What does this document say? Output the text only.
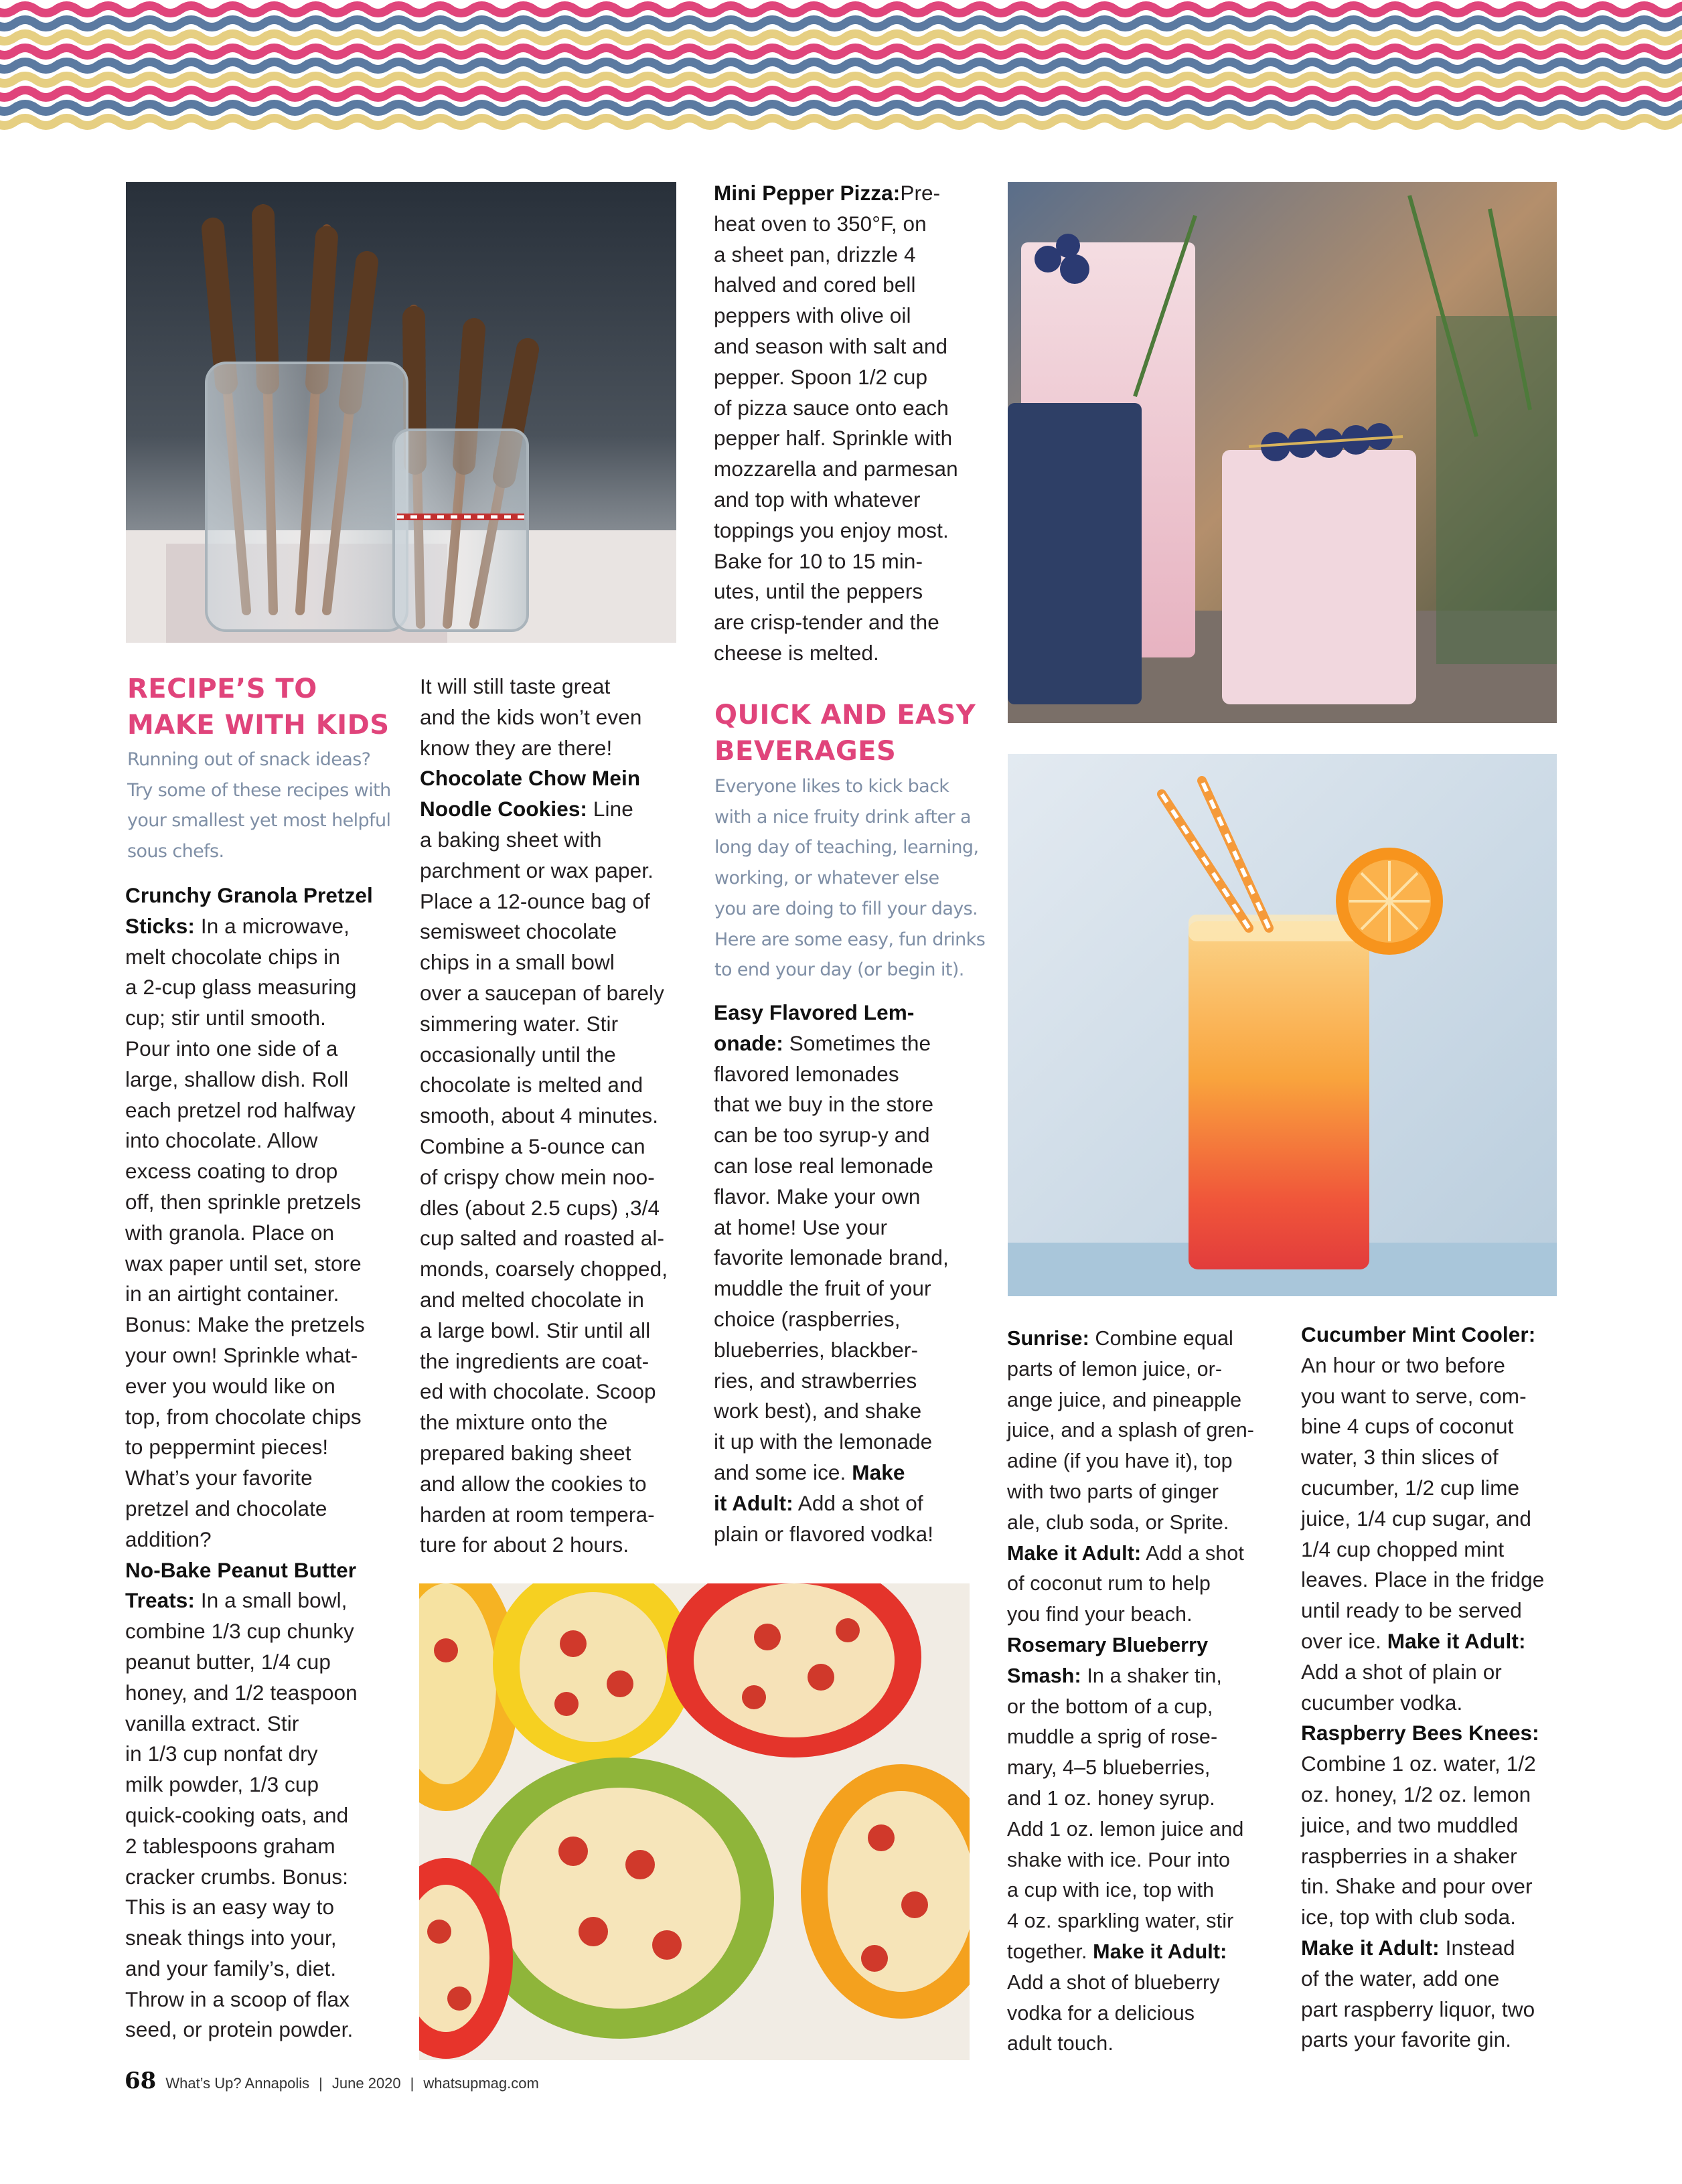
RECIPE’S TO
MAKE WITH KIDS

Running out of snack ideas?
Try some of these recipes with
your smallest yet most helpful
sous chefs.

Crunchy Granola Pretzel
Sticks: In a microwave,
melt chocolate chips in
a 2-cup glass measuring
cup; stir until smooth.
Pour into one side of a
large, shallow dish. Roll
each pretzel rod halfway
into chocolate. Allow
excess coating to drop
off, then sprinkle pretzels
with granola. Place on
wax paper until set, store
in an airtight container.
Bonus: Make the pretzels
your own! Sprinkle what-
ever you would like on
top, from chocolate chips
to peppermint pieces!
What’s your favorite
pretzel and chocolate
addition?
No-Bake Peanut Butter
Treats: In a small bowl,
combine 1/3 cup chunky
peanut butter, 1/4 cup
honey, and 1/2 teaspoon
vanilla extract. Stir
in 1/3 cup nonfat dry
milk powder, 1/3 cup
quick-cooking oats, and
2 tablespoons graham
cracker crumbs. Bonus:
This is an easy way to
sneak things into your,
and your family’s, diet.
Throw in a scoop of flax
seed, or protein powder.
It will still taste great
and the kids won’t even
know they are there!
Chocolate Chow Mein
Noodle Cookies: Line
a baking sheet with
parchment or wax paper.
Place a 12-ounce bag of
semisweet chocolate
chips in a small bowl
over a saucepan of barely
simmering water. Stir
occasionally until the
chocolate is melted and
smooth, about 4 minutes.
Combine a 5-ounce can
of crispy chow mein noo-
dles (about 2.5 cups) ,3/4
cup salted and roasted al-
monds, coarsely chopped,
and melted chocolate in
a large bowl. Stir until all
the ingredients are coat-
ed with chocolate. Scoop
the mixture onto the
prepared baking sheet
and allow the cookies to
harden at room tempera-
ture for about 2 hours.
Mini Pepper Pizza:Pre-
heat oven to 350°F, on
a sheet pan, drizzle 4
halved and cored bell
peppers with olive oil
and season with salt and
pepper. Spoon 1/2 cup
of pizza sauce onto each
pepper half. Sprinkle with
mozzarella and parmesan
and top with whatever
toppings you enjoy most.
Bake for 10 to 15 min-
utes, until the peppers
are crisp-tender and the
cheese is melted.
QUICK AND EASY
BEVERAGES

Everyone likes to kick back
with a nice fruity drink after a
long day of teaching, learning,
working, or whatever else
you are doing to fill your days.
Here are some easy, fun drinks
to end your day (or begin it).

Easy Flavored Lem-
onade: Sometimes the
flavored lemonades
that we buy in the store
can be too syrup-y and
can lose real lemonade
flavor. Make your own
at home! Use your
favorite lemonade brand,
muddle the fruit of your
choice (raspberries,
blueberries, blackber-
ries, and strawberries
work best), and shake
it up with the lemonade
and some ice. Make
it Adult: Add a shot of
plain or flavored vodka!
Sunrise: Combine equal
parts of lemon juice, or-
ange juice, and pineapple
juice, and a splash of gren-
adine (if you have it), top
with two parts of ginger
ale, club soda, or Sprite.
Make it Adult: Add a shot
of coconut rum to help
you find your beach.
Rosemary Blueberry
Smash: In a shaker tin,
or the bottom of a cup,
muddle a sprig of rose-
mary, 4–5 blueberries,
and 1 oz. honey syrup.
Add 1 oz. lemon juice and
shake with ice. Pour into
a cup with ice, top with
4 oz. sparkling water, stir
together. Make it Adult:
Add a shot of blueberry
vodka for a delicious
adult touch.
Cucumber Mint Cooler:
An hour or two before
you want to serve, com-
bine 4 cups of coconut
water, 3 thin slices of
cucumber, 1/2 cup lime
juice, 1/4 cup sugar, and
1/4 cup chopped mint
leaves. Place in the fridge
until ready to be served
over ice. Make it Adult:
Add a shot of plain or
cucumber vodka.
Raspberry Bees Knees:
Combine 1 oz. water, 1/2
oz. honey, 1/2 oz. lemon
juice, and two muddled
raspberries in a shaker
tin. Shake and pour over
ice, top with club soda.
Make it Adult: Instead
of the water, add one
part raspberry liquor, two
parts your favorite gin.
68 What’s Up? Annapolis | June 2020 | whatsupmag.com
